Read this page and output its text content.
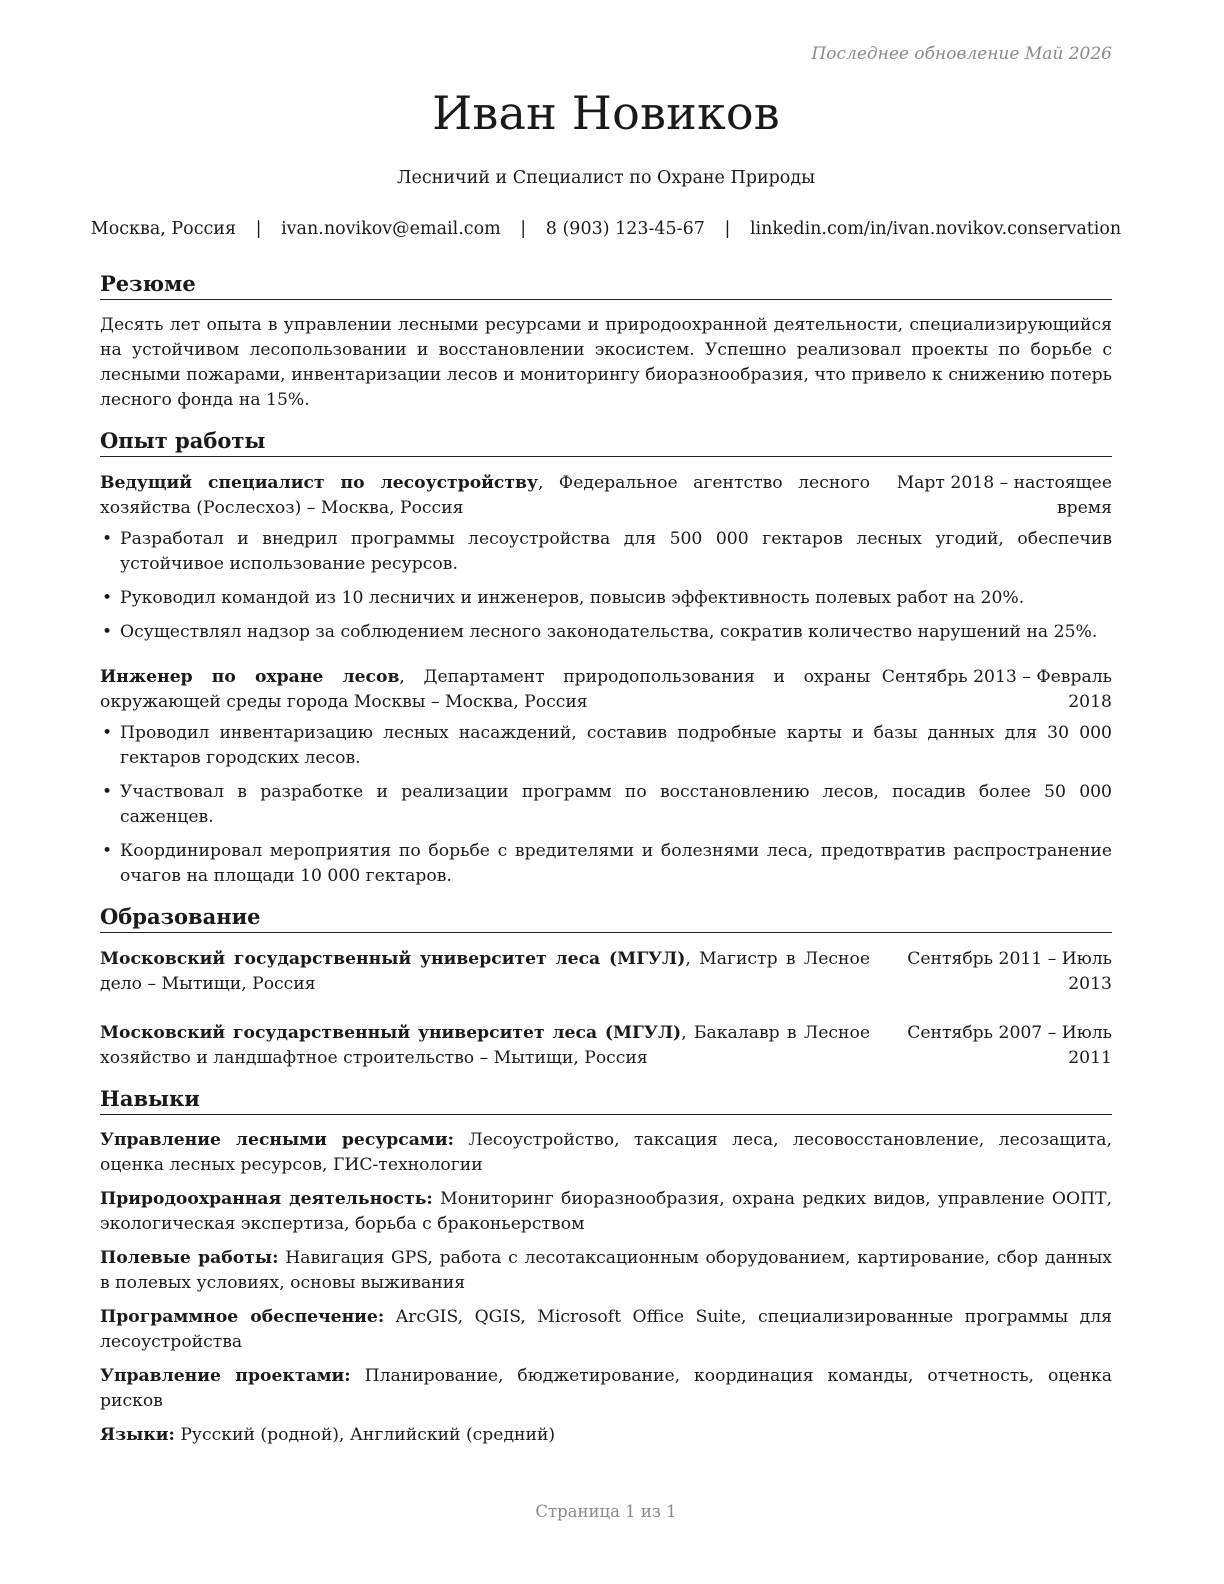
Последнее обновление Май 2026
Иван Новиков
Лесничий и Специалист по Охране Природы
Москва, Россия | ivan.novikov@email.com | 8 (903) 123-45-67 | linkedin.com/in/ivan.novikov.conservation
Резюме

Десять лет опыта в управлении лесными ресурсами и природоохранной деятельности, специализирующийся на устойчивом лесопользовании и восстановлении экосистем. Успешно реализовал проекты по борьбе с лесными пожарами, инвентаризации лесов и мониторингу биоразнообразия, что привело к снижению потерь лесного фонда на 15%.

Опыт работы
Ведущий специалист по лесоустройству, Федеральное агентство лесного хозяйства (Рослесхоз) – Москва, Россия
Март 2018 – настоящее время
• Разработал и внедрил программы лесоустройства для 500 000 гектаров лесных угодий, обеспечив устойчивое использование ресурсов.
• Руководил командой из 10 лесничих и инженеров, повысив эффективность полевых работ на 20%.
• Осуществлял надзор за соблюдением лесного законодательства, сократив количество нарушений на 25%.
Инженер по охране лесов, Департамент природопользования и охраны окружающей среды города Москвы – Москва, Россия
Сентябрь 2013 – Февраль 2018
• Проводил инвентаризацию лесных насаждений, составив подробные карты и базы данных для 30 000 гектаров городских лесов.
• Участвовал в разработке и реализации программ по восстановлению лесов, посадив более 50 000 саженцев.
• Координировал мероприятия по борьбе с вредителями и болезнями леса, предотвратив распространение очагов на площади 10 000 гектаров.
Образование
Московский государственный университет леса (МГУЛ), Магистр в Лесное дело – Мытищи, Россия
Сентябрь 2011 – Июль 2013
Московский государственный университет леса (МГУЛ), Бакалавр в Лесное хозяйство и ландшафтное строительство – Мытищи, Россия
Сентябрь 2007 – Июль 2011
Навыки

Управление лесными ресурсами: Лесоустройство, таксация леса, лесовосстановление, лесозащита, оценка лесных ресурсов, ГИС-технологии

Природоохранная деятельность: Мониторинг биоразнообразия, охрана редких видов, управление ООПТ, экологическая экспертиза, борьба с браконьерством

Полевые работы: Навигация GPS, работа с лесотаксационным оборудованием, картирование, сбор данных в полевых условиях, основы выживания

Программное обеспечение: ArcGIS, QGIS, Microsoft Office Suite, специализированные программы для лесоустройства

Управление проектами: Планирование, бюджетирование, координация команды, отчетность, оценка рисков

Языки: Русский (родной), Английский (средний)

Страница 1 из 1
